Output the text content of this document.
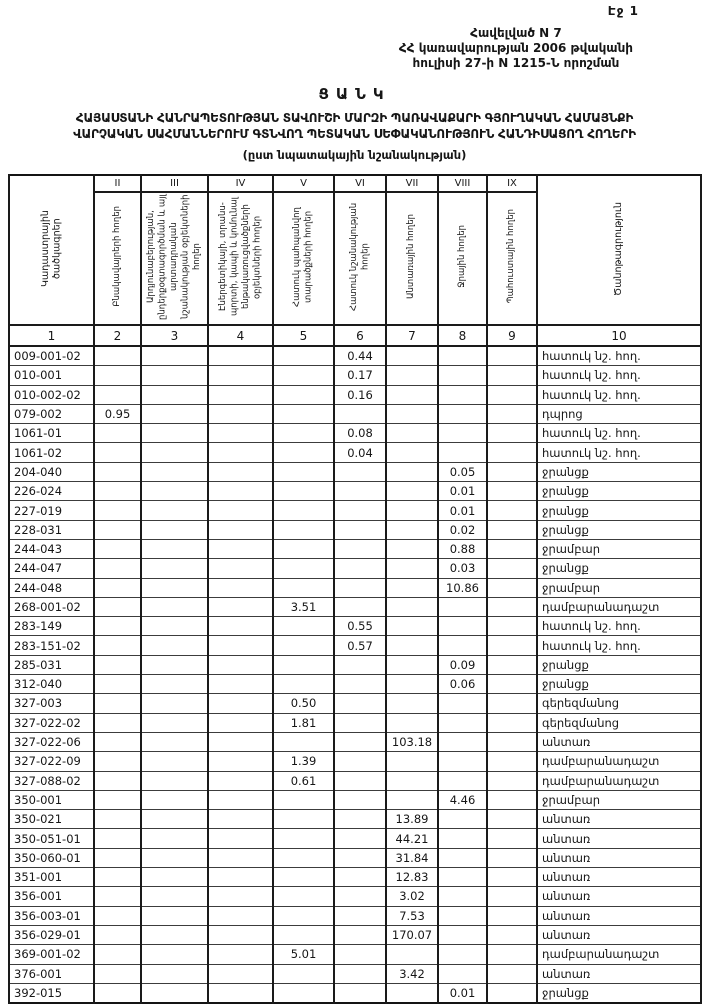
Էջ 1
Հավելված N 7
ՀՀ կառավարության 2006 թվականի
հուլիսի 27-ի N 1215-Ն որոշման
ՑԱՆԿ
ՀԱՅԱՍՏԱՆԻ ՀԱՆՐԱՊԵՏՈՒԹՅԱՆ ՏԱՎՈՒՇԻ ՄԱՐԶԻ ՊԱՌԱՎԱՔԱՐԻ ԳՅՈՒՂԱԿԱՆ ՀԱՄԱՅՆՔԻ
ՎԱՐՉԱԿԱՆ ՍԱՀՄԱՆՆԵՐՈՒՄ ԳՏՆՎՈՂ ՊԵՏԱԿԱՆ ՍԵՓԱԿԱՆՈՒԹՅՈՒՆ ՀԱՆԴԻՍԱՑՈՂ ՀՈՂԵՐԻ
(ըստ նպատակային նշանակության)
Կադաստրային ծածկագրեր	II	III	IV	V	VI	VII	VIII	IX	Ծանոթագրություն
	Բնակավայրերի հողեր	Արդյունաբերության, ընդերքօգտագործման և այլ արտադրական նշանակության օբյեկտների հողեր	Էներգետիկայի, տրանսպորտի, կապի և կոմունալ ենթակառուցվածքների օբյեկտների հողեր	Հատուկ պահպանվող տարածքների հողեր	Հատուկ նշանակության հողեր	Անտառային հողեր	Ջրային հողեր	Պահուստային հողեր	
1	2	3	4	5	6	7	8	9	10
009-001-02					0.44				հատուկ նշ. հող.
010-001					0.17				հատուկ նշ. հող.
010-002-02					0.16				հատուկ նշ. հող.
079-002	0.95								դպրոց
1061-01					0.08				հատուկ նշ. հող.
1061-02					0.04				հատուկ նշ. հող.
204-040							0.05		ջրանցք
226-024							0.01		ջրանցք
227-019							0.01		ջրանցք
228-031							0.02		ջրանցք
244-043							0.88		ջրամբար
244-047							0.03		ջրանցք
244-048							10.86		ջրամբար
268-001-02				3.51					դամբարանադաշտ
283-149					0.55				հատուկ նշ. հող.
283-151-02					0.57				հատուկ նշ. հող.
285-031							0.09		ջրանցք
312-040							0.06		ջրանցք
327-003				0.50					գերեզմանոց
327-022-02				1.81					գերեզմանոց
327-022-06						103.18			անտառ
327-022-09				1.39					դամբարանադաշտ
327-088-02				0.61					դամբարանադաշտ
350-001							4.46		ջրամբար
350-021						13.89			անտառ
350-051-01						44.21			անտառ
350-060-01						31.84			անտառ
351-001						12.83			անտառ
356-001						3.02			անտառ
356-003-01						7.53			անտառ
356-029-01						170.07			անտառ
369-001-02				5.01					դամբարանադաշտ
376-001						3.42			անտառ
392-015							0.01		ջրանցք
